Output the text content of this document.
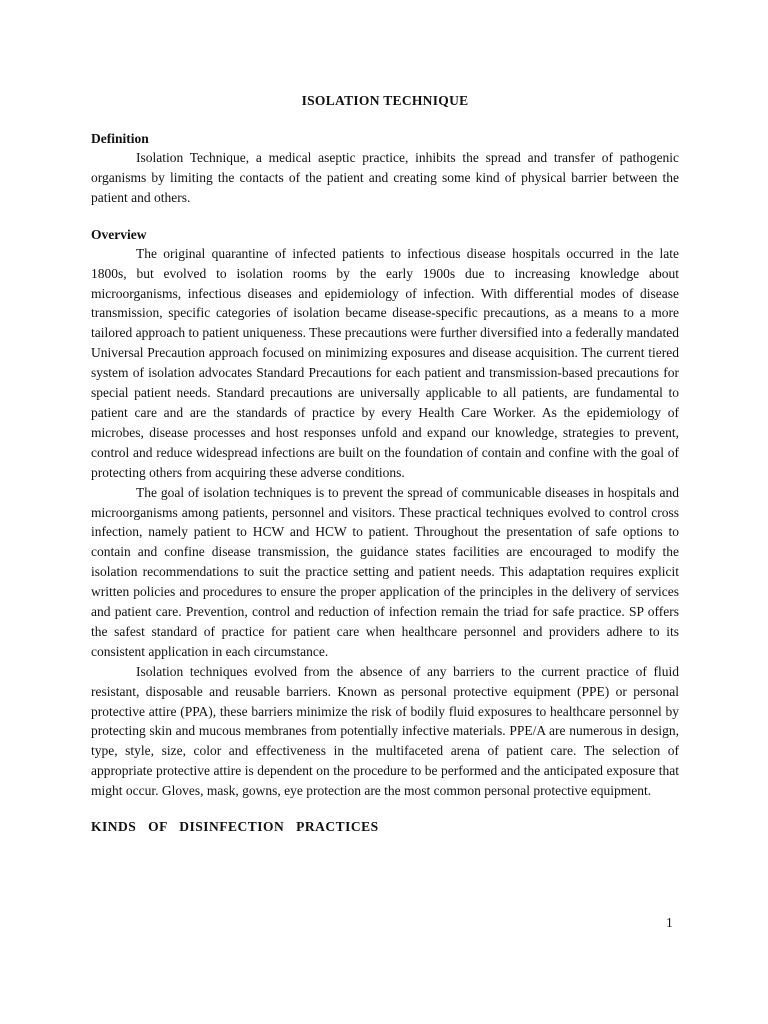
ISOLATION TECHNIQUE
Definition

Isolation Technique, a medical aseptic practice, inhibits the spread and transfer of pathogenic organisms by limiting the contacts of the patient and creating some kind of physical barrier between the patient and others.

Overview

The original quarantine of infected patients to infectious disease hospitals occurred in the late 1800s, but evolved to isolation rooms by the early 1900s due to increasing knowledge about microorganisms, infectious diseases and epidemiology of infection. With differential modes of disease transmission, specific categories of isolation became disease-specific precautions, as a means to a more tailored approach to patient uniqueness. These precautions were further diversified into a federally mandated Universal Precaution approach focused on minimizing exposures and disease acquisition. The current tiered system of isolation advocates Standard Precautions for each patient and transmission-based precautions for special patient needs. Standard precautions are universally applicable to all patients, are fundamental to patient care and are the standards of practice by every Health Care Worker. As the epidemiology of microbes, disease processes and host responses unfold and expand our knowledge, strategies to prevent, control and reduce widespread infections are built on the foundation of contain and confine with the goal of protecting others from acquiring these adverse conditions.

The goal of isolation techniques is to prevent the spread of communicable diseases in hospitals and microorganisms among patients, personnel and visitors. These practical techniques evolved to control cross infection, namely patient to HCW and HCW to patient. Throughout the presentation of safe options to contain and confine disease transmission, the guidance states facilities are encouraged to modify the isolation recommendations to suit the practice setting and patient needs. This adaptation requires explicit written policies and procedures to ensure the proper application of the principles in the delivery of services and patient care. Prevention, control and reduction of infection remain the triad for safe practice. SP offers the safest standard of practice for patient care when healthcare personnel and providers adhere to its consistent application in each circumstance.

Isolation techniques evolved from the absence of any barriers to the current practice of fluid resistant, disposable and reusable barriers. Known as personal protective equipment (PPE) or personal protective attire (PPA), these barriers minimize the risk of bodily fluid exposures to healthcare personnel by protecting skin and mucous membranes from potentially infective materials. PPE/A are numerous in design, type, style, size, color and effectiveness in the multifaceted arena of patient care. The selection of appropriate protective attire is dependent on the procedure to be performed and the anticipated exposure that might occur. Gloves, mask, gowns, eye protection are the most common personal protective equipment.

KINDS OF DISINFECTION PRACTICES
1
